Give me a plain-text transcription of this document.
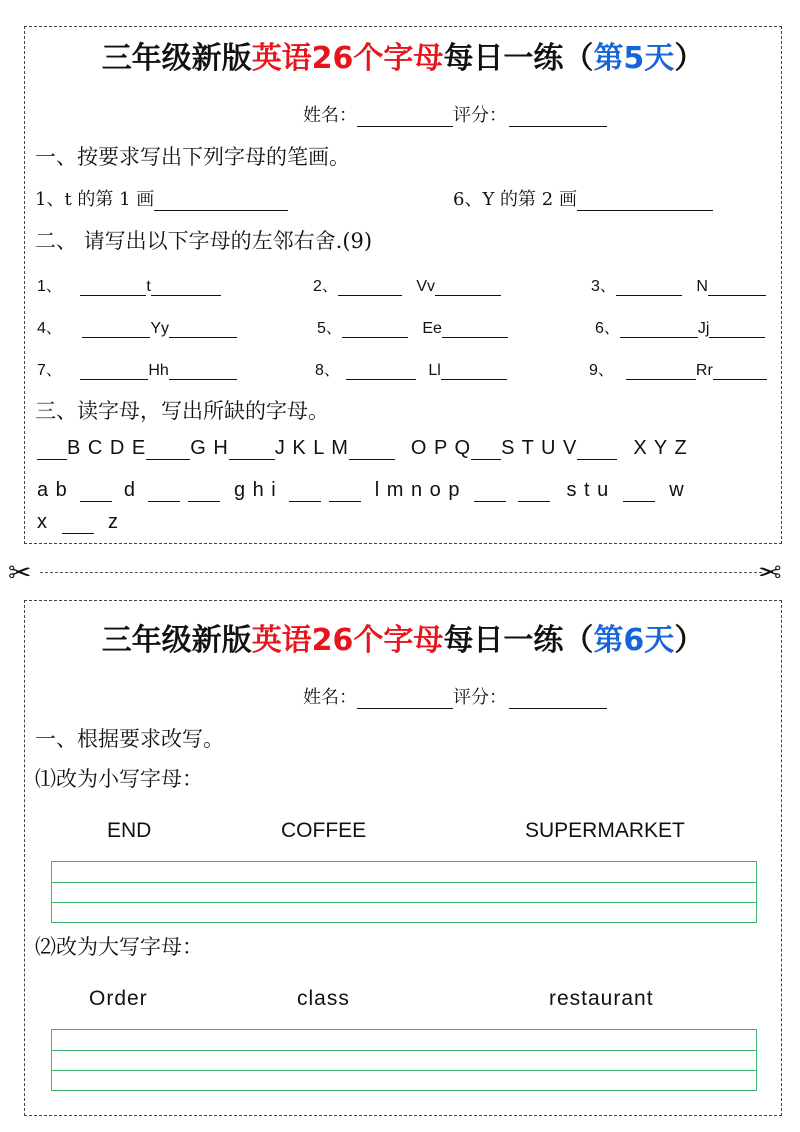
三年级新版英语26个字母每日一练（第5天）
姓名：	评分：
一、按要求写出下列字母的笔画。
1、t 的第 1 画	6、Y 的第 2 画
二、 请写出以下字母的左邻右舍.(9)
1、	t	2、	Vv	3、	N
4、	Yy	5、	Ee	6、	Jj
7、	Hh	8、	Ll	9、	Rr
三、读字母，写出所缺的字母。
B C D E G H J K L M	O P Q S T U V	X Y Z
a b	d	g h i	l m n o p	s t u	w
x	z
✂	✂
三年级新版英语26个字母每日一练（第6天）
姓名：	评分：
一、根据要求改写。
⑴改为小写字母：
END	COFFEE	SUPERMARKET
⑵改为大写字母：
Order	class	restaurant
